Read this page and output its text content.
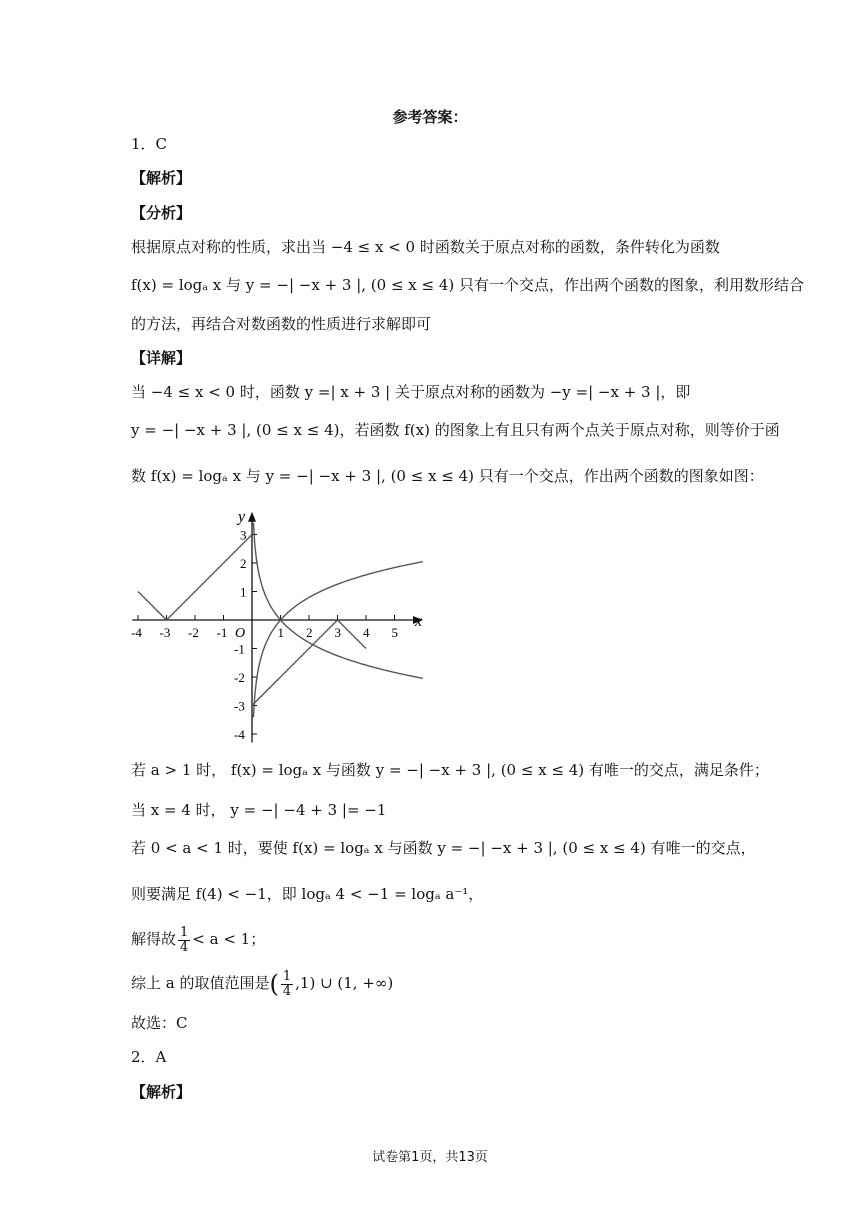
参考答案：
1．C
【解析】
【分析】
根据原点对称的性质，求出当 −4 ≤ x < 0 时函数关于原点对称的函数，条件转化为函数
f(x) = logₐ x 与 y = −| −x + 3 |, (0 ≤ x ≤ 4) 只有一个交点，作出两个函数的图象，利用数形结合
的方法，再结合对数函数的性质进行求解即可
【详解】
当 −4 ≤ x < 0 时，函数 y =| x + 3 | 关于原点对称的函数为 −y =| −x + 3 |，即
y = −| −x + 3 |, (0 ≤ x ≤ 4)，若函数 f(x) 的图象上有且只有两个点关于原点对称，则等价于函
数 f(x) = logₐ x 与 y = −| −x + 3 |, (0 ≤ x ≤ 4) 只有一个交点，作出两个函数的图象如图：
x
y
-4 -3 -2 -1	1 2 3 4 5
3
2
1
-1
-2
-3
-4
O
若 a > 1 时， f(x) = logₐ x 与函数 y = −| −x + 3 |, (0 ≤ x ≤ 4) 有唯一的交点，满足条件；
当 x = 4 时， y = −| −4 + 3 |= −1
若 0 < a < 1 时，要使 f(x) = logₐ x 与函数 y = −| −x + 3 |, (0 ≤ x ≤ 4) 有唯一的交点，
则要满足 f(4) < −1，即 logₐ 4 < −1 = logₐ a⁻¹，
解得故 $\frac{1}{4} < a < 1$；
综上 a 的取值范围是( $\frac{1}{4} ,1$) ∪ (1, +∞)
故选：C
2．A
【解析】
试卷第1页，共13页
